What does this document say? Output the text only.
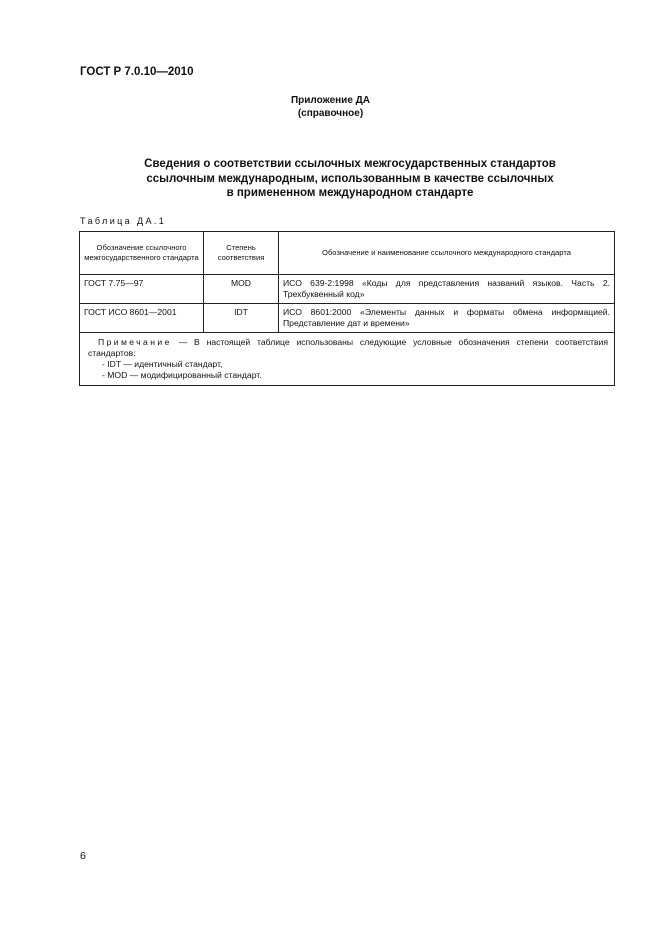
ГОСТ Р 7.0.10—2010
Приложение ДА
(справочное)
Сведения о соответствии ссылочных межгосударственных стандартов
ссылочным международным, использованным в качестве ссылочных
в примененном международном стандарте
Таблица ДА.1
Обозначение ссылочного межгосударственного стандарта	Степень соответствия	Обозначение и наименование ссылочного международного стандарта
ГОСТ 7.75—97	MOD	ИСО 639-2:1998 «Коды для представления названий языков. Часть 2. Трехбуквенный код»
ГОСТ ИСО 8601—2001	IDT	ИСО 8601:2000 «Элементы данных и форматы обмена информацией. Представление дат и времени»

Примечание — В настоящей таблице использованы следующие условные обозначения степени соответствия стандартов:
- IDT — идентичный стандарт,
- MOD — модифицированный стандарт.		
6
